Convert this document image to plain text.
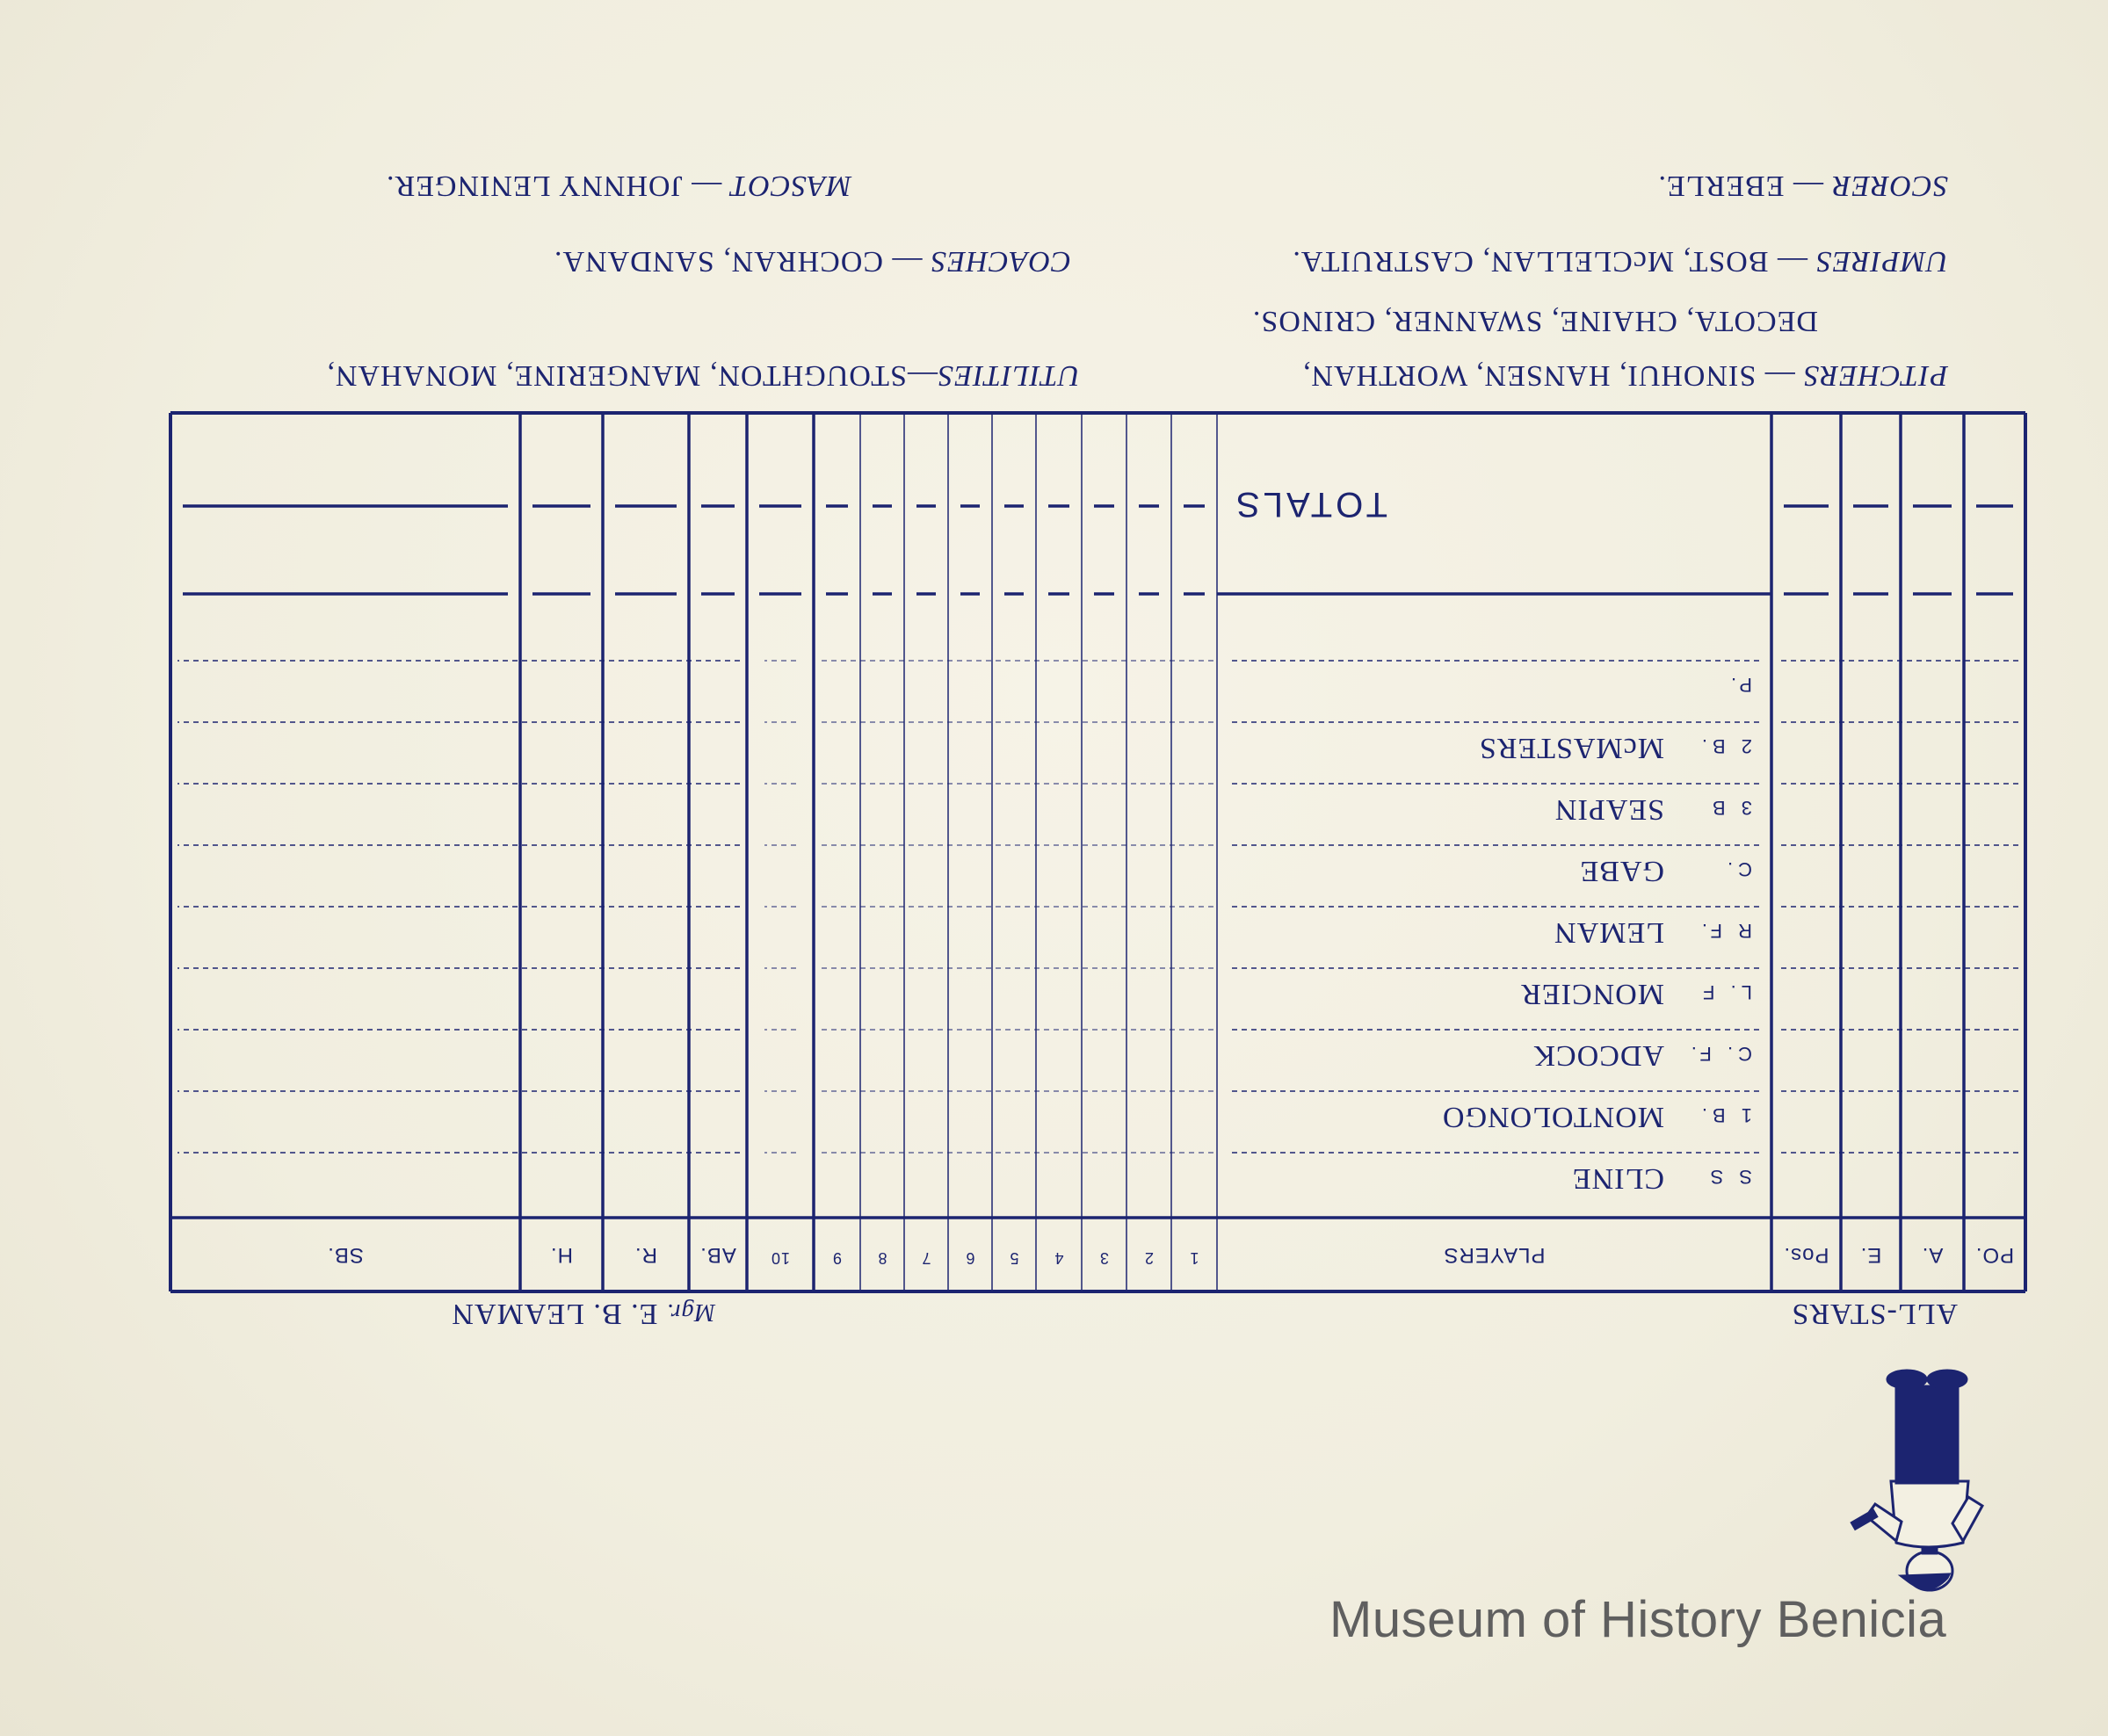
ALL-STARS
Mgr. E. B. LEAMAN
PO.
A.
E.
Pos.
PLAYERS
1
2
3
4
5
6
7
8
9
10
AB.
R.
H.
SB.
S S
CLINE
1 B.
MONTOLONGO
C. F.
ADCOCK
L. F
MONCIER
R F.
LEMAN
C.
GABE
3 B
SEAPIN
2 B.
McMASTERS
P.
TOTALS
PITCHERS — SINOHUI, HANSEN, WORTHAN,
DECOTA, CHAINE, SWANNER, CRINOS.
UTILITIES—STOUGHTON, MANGERINE, MONAHAN,
UMPIRES — BOST, McCLELLAN, CASTRUITA.
COACHES — COCHRAN, SANDANA.
SCORER — EBERLE.
MASCOT — JOHNNY LENINGER.
Museum of History Benicia
